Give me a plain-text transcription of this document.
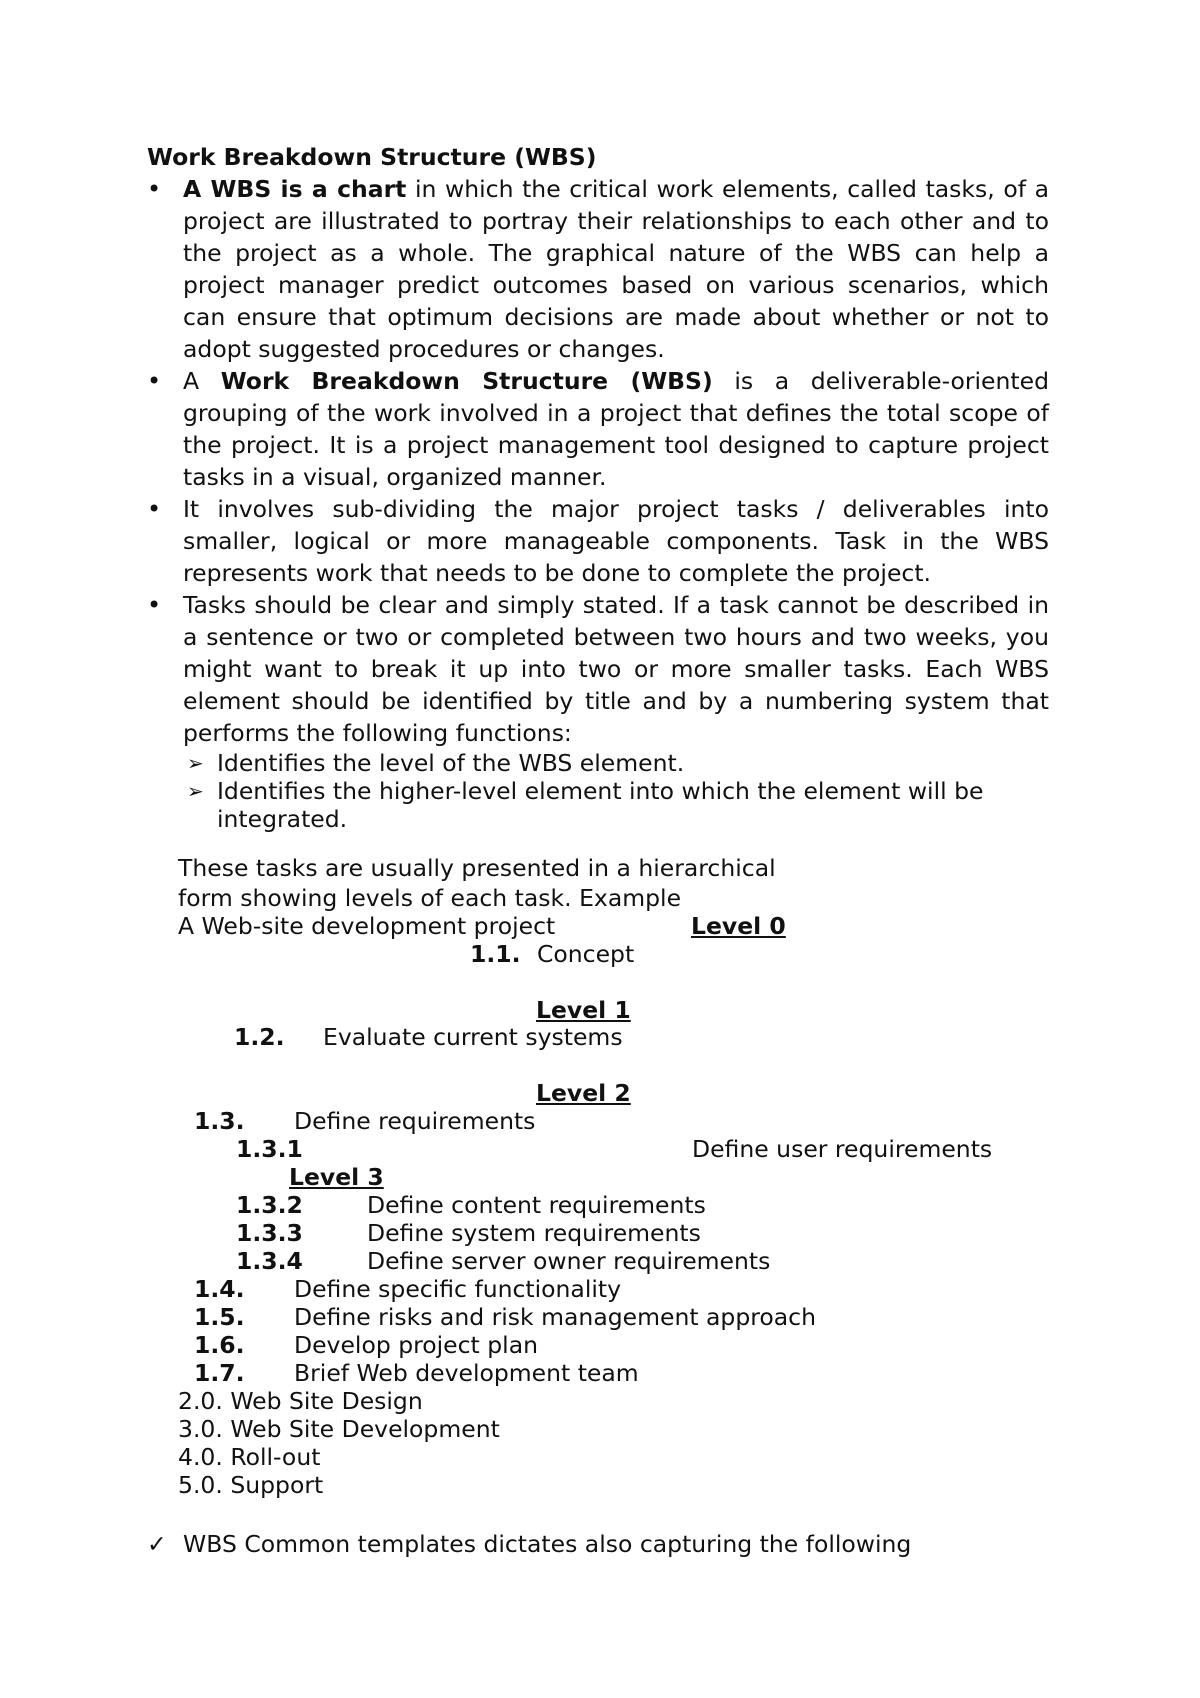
Work Breakdown Structure (WBS)
• A WBS is a chart in which the critical work elements, called tasks, of a project are illustrated to portray their relationships to each other and to the project as a whole. The graphical nature of the WBS can help a project manager predict outcomes based on various scenarios, which can ensure that optimum decisions are made about whether or not to adopt suggested procedures or changes.
• A Work Breakdown Structure (WBS) is a deliverable-oriented grouping of the work involved in a project that defines the total scope of the project. It is a project management tool designed to capture project tasks in a visual, organized manner.
• It involves sub-dividing the major project tasks / deliverables into smaller, logical or more manageable components. Task in the WBS represents work that needs to be done to complete the project.
• Tasks should be clear and simply stated. If a task cannot be described in a sentence or two or completed between two hours and two weeks, you might want to break it up into two or more smaller tasks. Each WBS element should be identified by title and by a numbering system that performs the following functions:
➢ Identifies the level of the WBS element.
➢ Identifies the higher-level element into which the element will be integrated.
These tasks are usually presented in a hierarchical
form showing levels of each task. Example
A Web-site development project	Level 0
1.1. Concept
Level 1
1.2. Evaluate current systems
Level 2
1.3. Define requirements
1.3.1	Define user requirements
Level 3
1.3.2	Define content requirements
1.3.3	Define system requirements
1.3.4	Define server owner requirements
1.4. Define specific functionality
1.5. Define risks and risk management approach
1.6. Develop project plan
1.7. Brief Web development team
2.0. Web Site Design
3.0. Web Site Development
4.0. Roll-out
5.0. Support
✓ WBS Common templates dictates also capturing the following
